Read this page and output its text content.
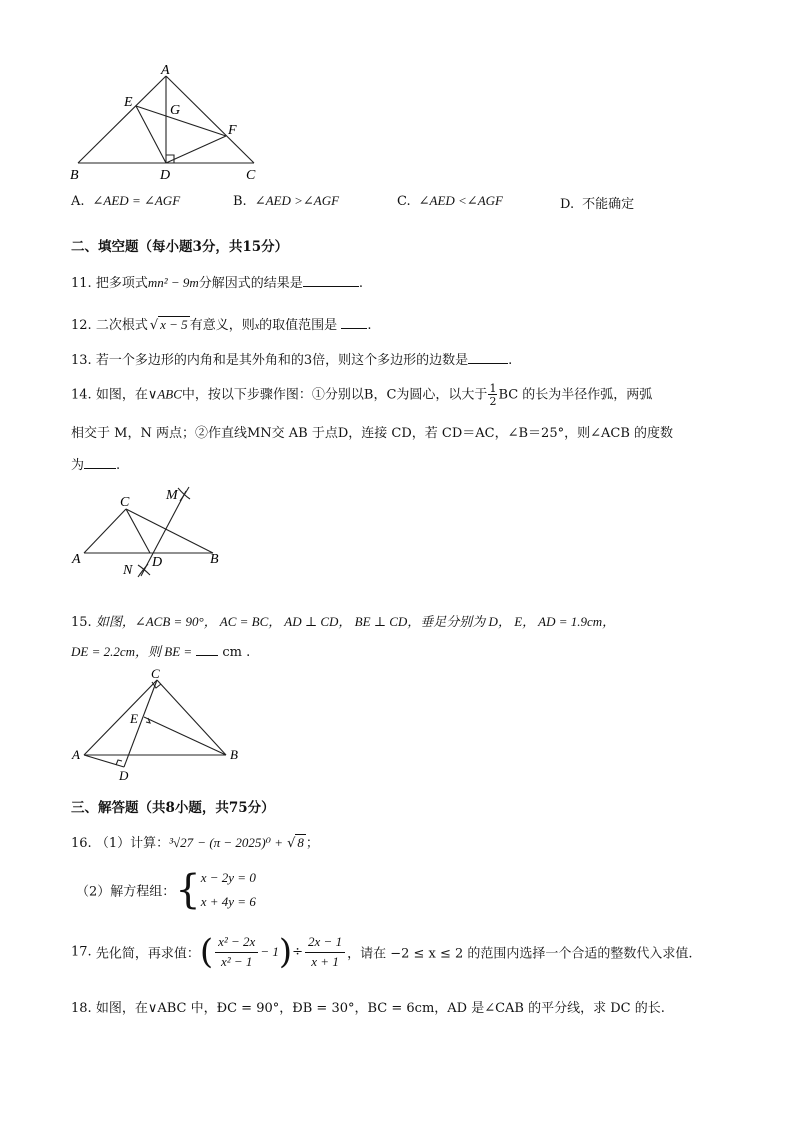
A
E
G
F
B	D	C
A. ∠AED = ∠AGF	B. ∠AED >∠AGF	C. ∠AED <∠AGF	D. 不能确定
二、填空题（每小题3分，共15分）
11. 把多项式mn² − 9m分解因式的结果是	.
12. 二次根式 √ x − 5 有意义，则x的取值范围是 .
13. 若一个多边形的内角和是其外角和的3倍，则这个多边形的边数是	.
14. 如图，在∨ABC中，按以下步骤作图：①分别以B，C为圆心，以大于 $\frac{1}{2}$ BC 的长为半径作弧，两弧
相交于 M，N 两点；②作直线MN交 AB 于点D，连接 CD，若 CD＝AC，∠B＝25°，则∠ACB 的度数
为 .
C	M
A	D	B
N
15. 如图，∠ACB = 90°， AC = BC， AD ⊥ CD， BE ⊥ CD，垂足分别为 D， E， AD = 1.9cm，
DE = 2.2cm，则 BE = cm .
C
E
A	B
D
三、解答题（共8小题，共75分）
16. （1）计算：³√27 − (π − 2025)⁰ + √ 8 ；
（2）解方程组：{ x − 2y = 0
x + 4y = 6
17. 先化简，再求值：( $\frac{\text{x² − 2x}}{\text{x² − 1}} - 1)\div \frac{2x - 1}{x + 1}$ ，请在 −2 ≤ x ≤ 2 的范围内选择一个合适的整数代入求值.
18. 如图，在∨ABC 中，ÐC = 90°，ÐB = 30°，BC = 6cm，AD 是∠CAB 的平分线，求 DC 的长.
